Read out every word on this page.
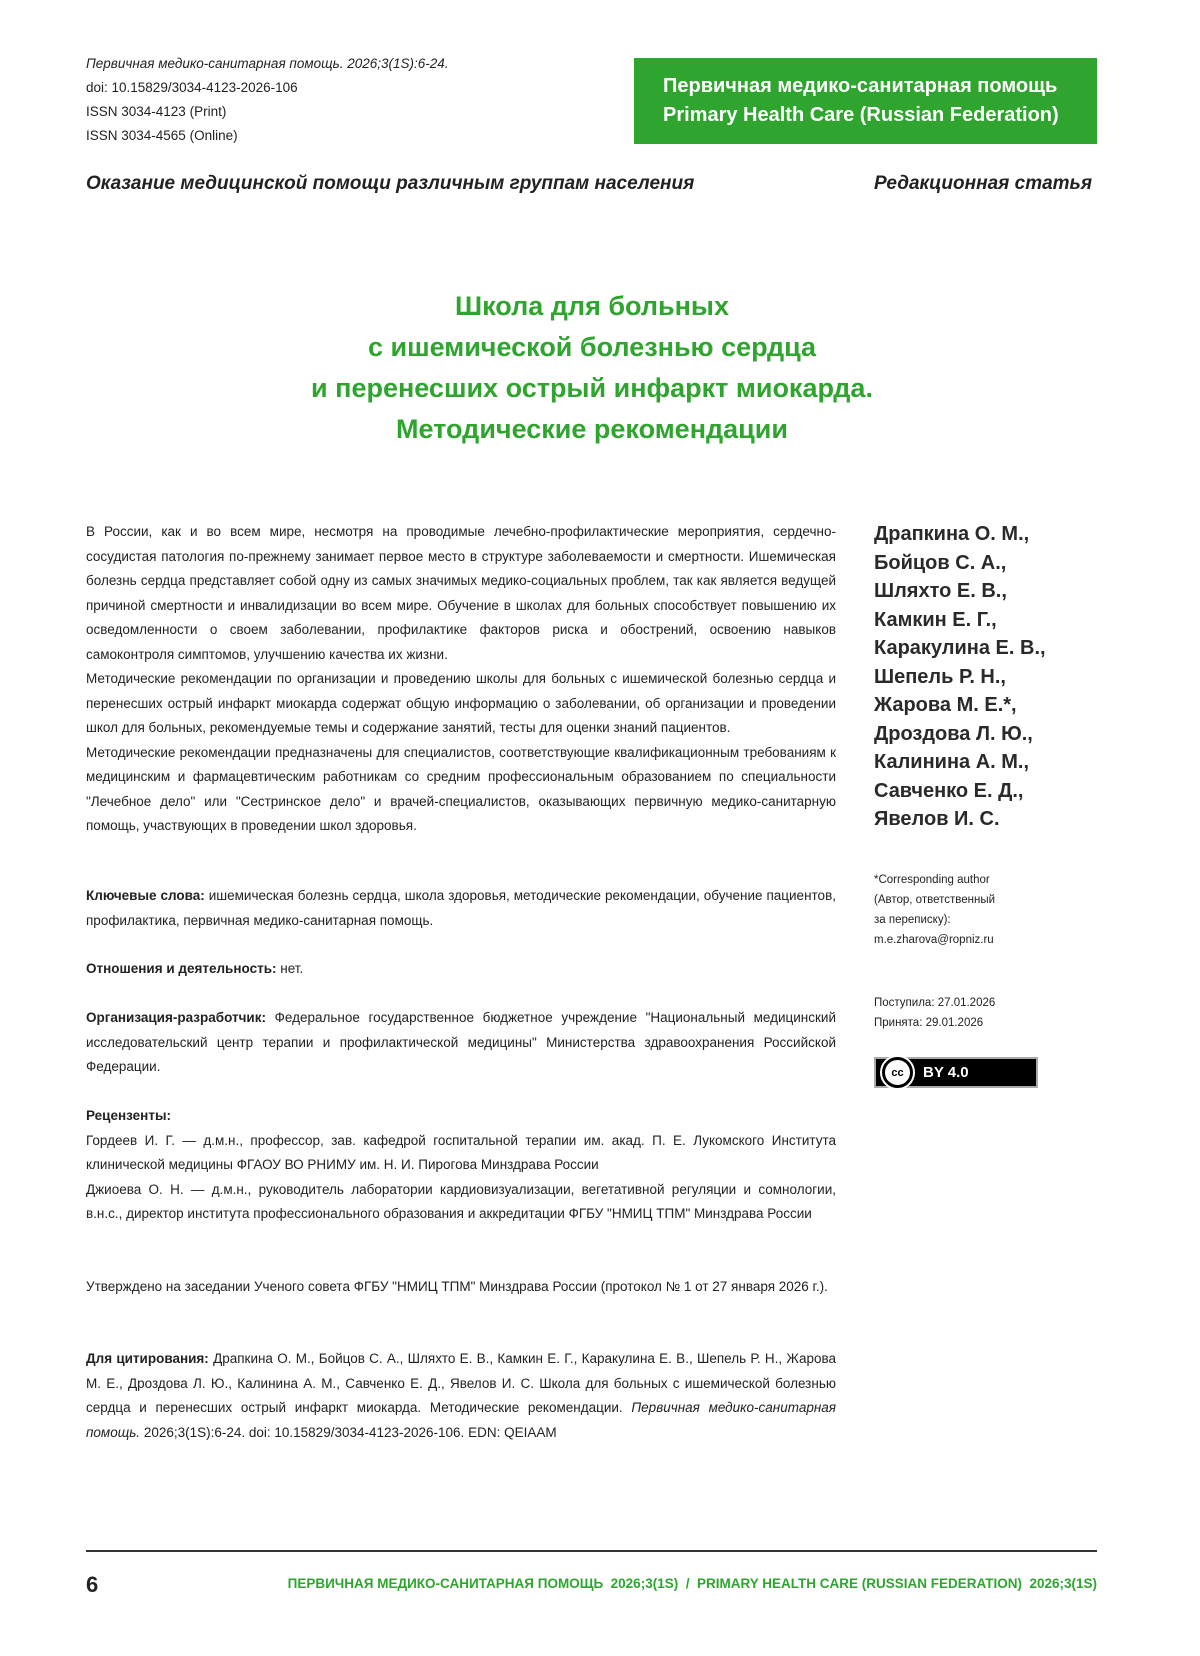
Первичная медико-санитарная помощь. 2026;3(1S):6-24.
doi: 10.15829/3034-4123-2026-106
ISSN 3034-4123 (Print)
ISSN 3034-4565 (Online)
Первичная медико-санитарная помощь
Primary Health Care (Russian Federation)
Оказание медицинской помощи различным группам населения	Редакционная статья
Школа для больных
с ишемической болезнью сердца
и перенесших острый инфаркт миокарда.
Методические рекомендации

В России, как и во всем мире, несмотря на проводимые лечебно-профилактические мероприятия, сердечно-сосудистая патология по-прежнему занимает первое место в структуре заболеваемости и смертности. Ишемическая болезнь сердца представляет собой одну из самых значимых медико-социальных проблем, так как является ведущей причиной смертности и инвалидизации во всем мире. Обучение в школах для больных способствует повышению их осведомленности о своем заболевании, профилактике факторов риска и обострений, освоению навыков самоконтроля симптомов, улучшению качества их жизни.

Методические рекомендации по организации и проведению школы для больных с ишемической болезнью сердца и перенесших острый инфаркт миокарда содержат общую информацию о заболевании, об организации и проведении школ для больных, рекомендуемые темы и содержание занятий, тесты для оценки знаний пациентов.

Методические рекомендации предназначены для специалистов, соответствующие квалификационным требованиям к медицинским и фармацевтическим работникам со средним профессиональным образованием по специальности "Лечебное дело" или "Сестринское дело" и врачей-специалистов, оказывающих первичную медико-санитарную помощь, участвующих в проведении школ здоровья.

Ключевые слова: ишемическая болезнь сердца, школа здоровья, методические рекомендации, обучение пациентов, профилактика, первичная медико-санитарная помощь.
Отношения и деятельность: нет.
Организация-разработчик: Федеральное государственное бюджетное учреждение "Национальный медицинский исследовательский центр терапии и профилактической медицины" Министерства здравоохранения Российской Федерации.

Рецензенты:

Гордеев И. Г. — д.м.н., профессор, зав. кафедрой госпитальной терапии им. акад. П. Е. Лукомского Института клинической медицины ФГАОУ ВО РНИМУ им. Н. И. Пирогова Минздрава России

Джиоева О. Н. — д.м.н., руководитель лаборатории кардиовизуализации, вегетативной регуляции и сомнологии, в.н.с., директор института профессионального образования и аккредитации ФГБУ "НМИЦ ТПМ" Минздрава России

Утверждено на заседании Ученого совета ФГБУ "НМИЦ ТПМ" Минздрава России (протокол № 1 от 27 января 2026 г.).
Для цитирования: Драпкина О. М., Бойцов С. А., Шляхто Е. В., Камкин Е. Г., Каракулина Е. В., Шепель Р. Н., Жарова М. Е., Дроздова Л. Ю., Калинина А. М., Савченко Е. Д., Явелов И. С. Школа для больных с ишемической болезнью сердца и перенесших острый инфаркт миокарда. Методические рекомендации. Первичная медико-санитарная помощь. 2026;3(1S):6-24. doi: 10.15829/3034-4123-2026-106. EDN: QEIAAM
Драпкина О. М.,
Бойцов С. А.,
Шляхто Е. В.,
Камкин Е. Г.,
Каракулина Е. В.,
Шепель Р. Н.,
Жарова М. Е.*,
Дроздова Л. Ю.,
Калинина А. М.,
Савченко Е. Д.,
Явелов И. С.
*Corresponding author
(Автор, ответственный
за переписку):
m.e.zharova@ropniz.ru
Поступила: 27.01.2026
Принята: 29.01.2026
cc	BY 4.0
6	ПЕРВИЧНАЯ МЕДИКО-САНИТАРНАЯ ПОМОЩЬ  2026;3(1S)  /  PRIMARY HEALTH CARE (RUSSIAN FEDERATION)  2026;3(1S)
